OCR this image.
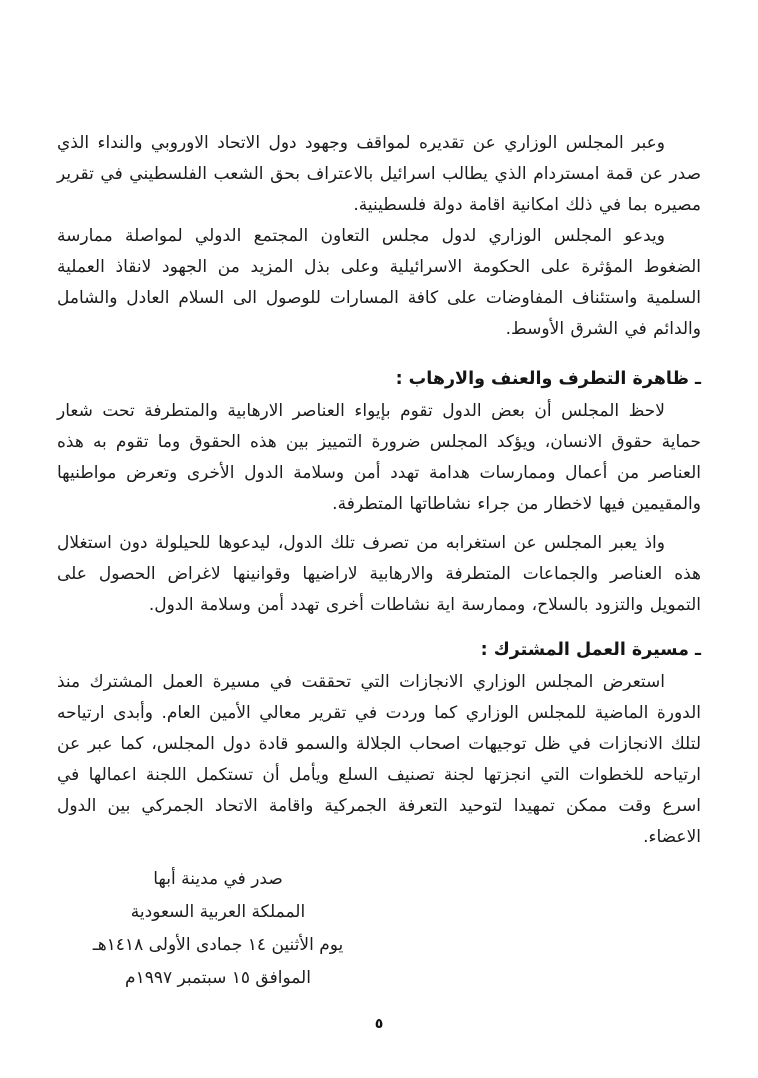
وعبر المجلس الوزاري عن تقديره لمواقف وجهود دول الاتحاد الاوروبي والنداء الذي صدر عن قمة امستردام الذي يطالب اسرائيل بالاعتراف بحق الشعب الفلسطيني في تقرير مصيره بما في ذلك امكانية اقامة دولة فلسطينية.

ويدعو المجلس الوزاري لدول مجلس التعاون المجتمع الدولي لمواصلة ممارسة الضغوط المؤثرة على الحكومة الاسرائيلية وعلى بذل المزيد من الجهود لانقاذ العملية السلمية واستئناف المفاوضات على كافة المسارات للوصول الى السلام العادل والشامل والدائم في الشرق الأوسط.

ـ ظاهرة التطرف والعنف والارهاب :

لاحظ المجلس أن بعض الدول تقوم بإيواء العناصر الارهابية والمتطرفة تحت شعار حماية حقوق الانسان، ويؤكد المجلس ضرورة التمييز بين هذه الحقوق وما تقوم به هذه العناصر من أعمال وممارسات هدامة تهدد أمن وسلامة الدول الأخرى وتعرض مواطنيها والمقيمين فيها لاخطار من جراء نشاطاتها المتطرفة.

واذ يعبر المجلس عن استغرابه من تصرف تلك الدول، ليدعوها للحيلولة دون استغلال هذه العناصر والجماعات المتطرفة والارهابية لاراضيها وقوانينها لاغراض الحصول على التمويل والتزود بالسلاح، وممارسة اية نشاطات أخرى تهدد أمن وسلامة الدول.

ـ مسيرة العمل المشترك :

استعرض المجلس الوزاري الانجازات التي تحققت في مسيرة العمل المشترك منذ الدورة الماضية للمجلس الوزاري كما وردت في تقرير معالي الأمين العام. وأبدى ارتياحه لتلك الانجازات في ظل توجيهات اصحاب الجلالة والسمو قادة دول المجلس، كما عبر عن ارتياحه للخطوات التي انجزتها لجنة تصنيف السلع ويأمل أن تستكمل اللجنة اعمالها في اسرع وقت ممكن تمهيدا لتوحيد التعرفة الجمركية واقامة الاتحاد الجمركي بين الدول الاعضاء.

صدر في مدينة أبها
المملكة العربية السعودية
يوم الأثنين ١٤ جمادى الأولى ١٤١٨هـ
الموافق ١٥ سبتمبر ١٩٩٧م
٥
